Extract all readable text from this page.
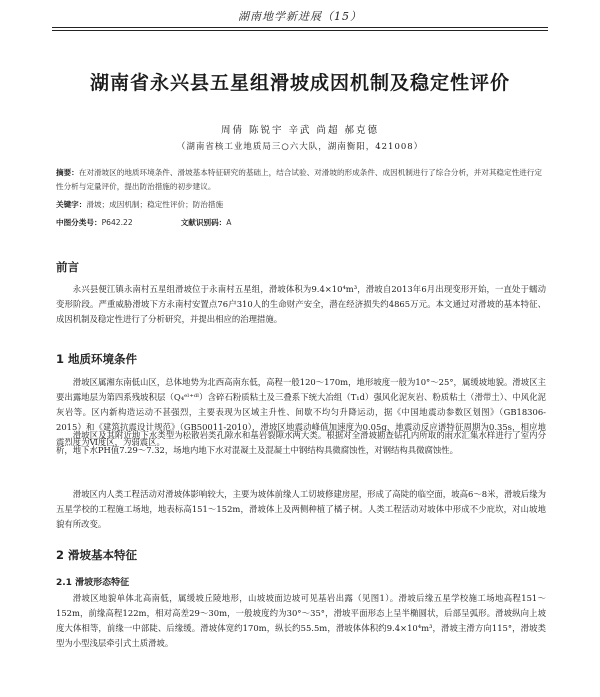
湖南地学新进展（15）
湖南省永兴县五星组滑坡成因机制及稳定性评价
周倩 陈锐宇 辛武 尚超 郝克德
（湖南省核工业地质局三○六大队，湖南衡阳，421008）
摘要：在对滑坡区的地质环境条件、滑坡基本特征研究的基础上，结合试验、对滑坡的形成条件、成因机制进行了综合分析，并对其稳定性进行定性分析与定量评价，提出防治措施的初步建议。
关键字：滑坡；成因机制；稳定性评价；防治措施
中图分类号：P642.22	文献识别码：A
前言
永兴县便江镇永南村五星组滑坡位于永南村五星组，滑坡体积为9.4×10⁴m³，滑坡自2013年6月出现变形开始，一直处于蠕动变形阶段。严重威胁滑坡下方永南村安置点76户310人的生命财产安全，潜在经济损失约4865万元。本文通过对滑坡的基本特征、成因机制及稳定性进行了分析研究，并提出相应的治理措施。
1 地质环境条件
滑坡区属湘东南低山区，总体地势为北西高南东低，高程一般120～170m，地形坡度一般为10°～25°，属缓坡地貌。滑坡区主要出露地层为第四系残坡积层（Q₄ᵉˡ⁺ᵈˡ）含碎石粉质粘土及三叠系下统大冶组（T₁d）强风化泥灰岩、粉质粘土（滑带土）、中风化泥灰岩等。区内新构造运动不甚强烈，主要表现为区域主升性、间歇不均匀升降运动，据《中国地震动参数区划图》（GB18306-2015）和《建筑抗震设计规范》（GB50011-2010），滑坡区地震动峰值加速度为0.05g，地震动反应谱特征周期为0.35s，相应地震烈度为Ⅵ度区，为弱震区。
滑坡区及其附近地下水类型为松散岩类孔隙水和基岩裂隙水两大类。根据对全滑坡勘查钻孔内所取的雨水汇集水样进行了室内分析，地下水PH值7.29～7.32，场地内地下水对混凝土及混凝土中钢结构具微腐蚀性，对钢结构具微腐蚀性。
滑坡区内人类工程活动对滑坡体影响较大，主要为坡体前缘人工切坡修建房屋，形成了高陡的临空面，坡高6～8米，滑坡后缘为五星学校的工程施工场地，地表标高151～152m，滑坡体上及两侧种植了橘子树。人类工程活动对坡体中形成不少庇坎，对山坡地貌有所改变。
2 滑坡基本特征
2.1 滑坡形态特征
滑坡区地貌单体北高南低，属缓坡丘陵地形，山坡坡面边坡可见基岩出露（见图1）。滑坡后缘五星学校施工场地高程151～152m，前缘高程122m，相对高差29～30m，一般坡度约为30°～35°，滑坡平面形态上呈半椭圆状，后部呈弧形。滑坡纵向上坡度大体相等，前缘一中部陡、后缘缓。滑坡体宽约170m，纵长约55.5m，滑坡体体积约9.4×10⁴m³，滑坡主滑方向115°，滑坡类型为小型浅层牵引式土质滑坡。
